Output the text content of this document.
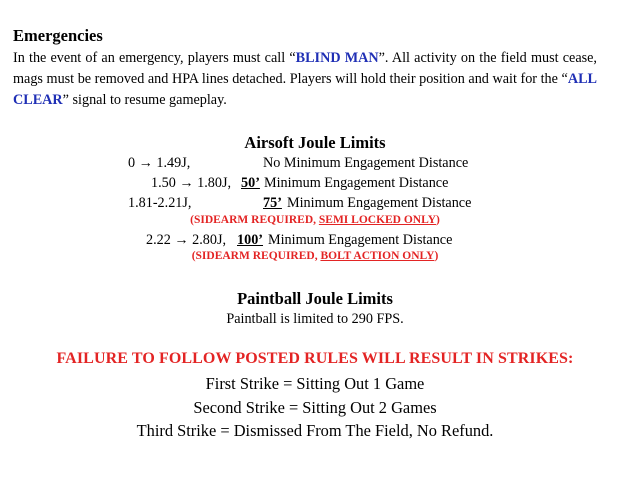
Emergencies

In the event of an emergency, players must call “BLIND MAN”. All activity on the field must cease, mags must be removed and HPA lines detached. Players will hold their position and wait for the “ALL CLEAR” signal to resume gameplay.

Airsoft Joule Limits
0 → 1.49J,	No Minimum Engagement Distance
1.50 → 1.80J, 50’ Minimum Engagement Distance
1.81-2.21J,	75’ Minimum Engagement Distance
(SIDEARM REQUIRED, SEMI LOCKED ONLY)
2.22 → 2.80J, 100’ Minimum Engagement Distance
(SIDEARM REQUIRED, BOLT ACTION ONLY)
Paintball Joule Limits
Paintball is limited to 290 FPS.
FAILURE TO FOLLOW POSTED RULES WILL RESULT IN STRIKES:
First Strike = Sitting Out 1 Game
Second Strike = Sitting Out 2 Games
Third Strike = Dismissed From The Field, No Refund.
